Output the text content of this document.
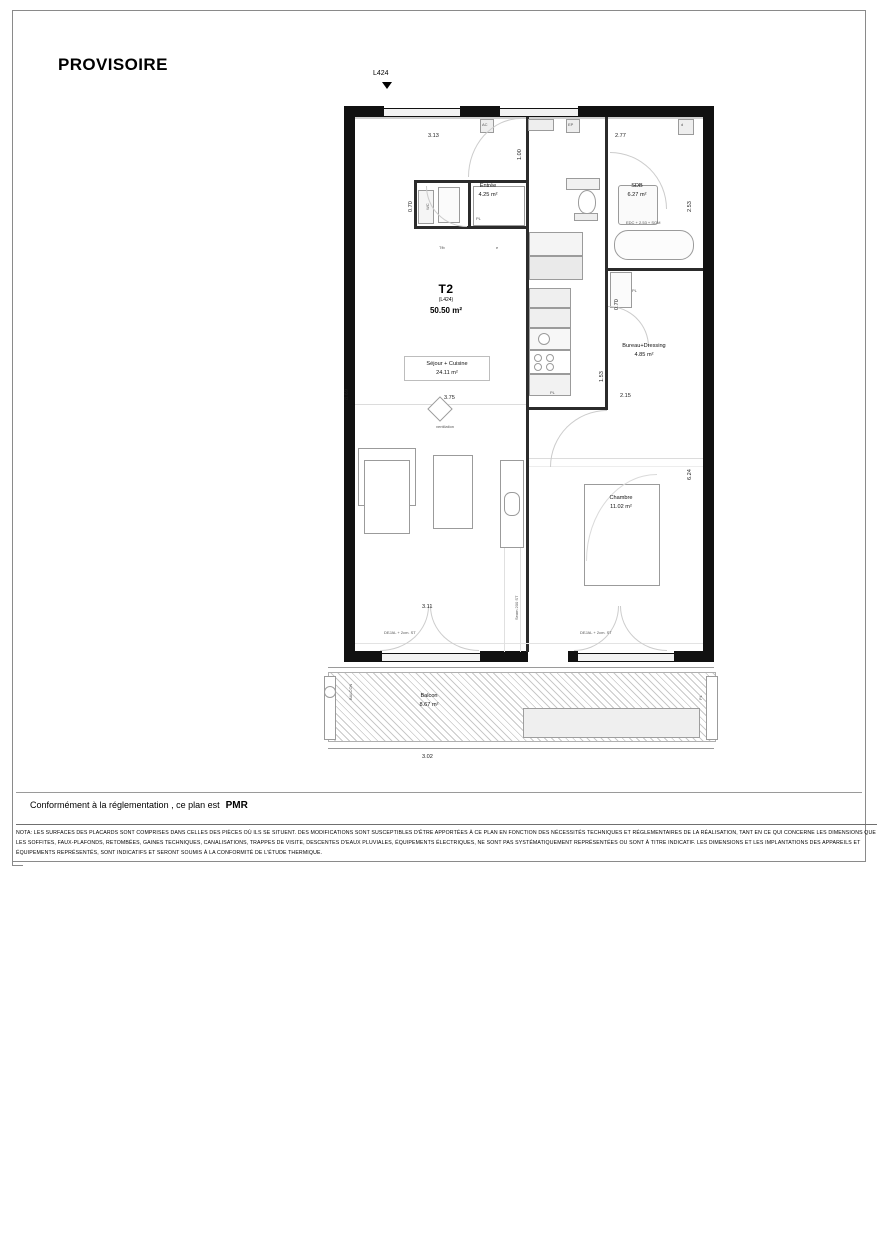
PROVISOIRE	L424
Entrée
4.25 m²
SDB
6.27 m²
Bureau+Dressing
4.85 m²
Séjour + Cuisine
24.11 m²
Chambre
11.02 m²
Balcon
8.67 m²
T2
(L424)
50.50 m²
3.13	2.77
1.00
0.70	2.53
8.69
0.70
1.53
2.15
6.24
3.75
3.11
3.02
AC	EP	d
WC
PL
Tfb	e
EDC + 2.53 + SOM
PL
PL
Seam 200 ST
DEJAL + 2cm. ST	DEJAL + 2cm. ST
BALCON	PL
ventilation
Conformément à la réglementation , ce plan est PMR
NOTA: LES SURFACES DES PLACARDS SONT COMPRISES DANS CELLES DES PIÈCES OÙ ILS SE SITUENT. DES MODIFICATIONS SONT SUSCEPTIBLES D'ÊTRE APPORTÉES À CE PLAN EN FONCTION DES NÉCESSITÉS TECHNIQUES ET RÉGLEMENTAIRES DE LA RÉALISATION, TANT EN CE QUI CONCERNE LES DIMENSIONS QUE LES SOFFITES, FAUX-PLAFONDS, RETOMBÉES, GAINES TECHNIQUES, CANALISATIONS, TRAPPES DE VISITE, DESCENTES D'EAUX PLUVIALES, ÉQUIPEMENTS ÉLECTRIQUES, NE SONT PAS SYSTÉMATIQUEMENT REPRÉSENTÉES OU SONT À TITRE INDICATIF. LES DIMENSIONS ET LES IMPLANTATIONS DES APPAREILS ET ÉQUIPEMENTS REPRÉSENTÉS, SONT INDICATIFS ET SERONT SOUMIS À LA CONFORMITÉ DE L'ÉTUDE THERMIQUE.
